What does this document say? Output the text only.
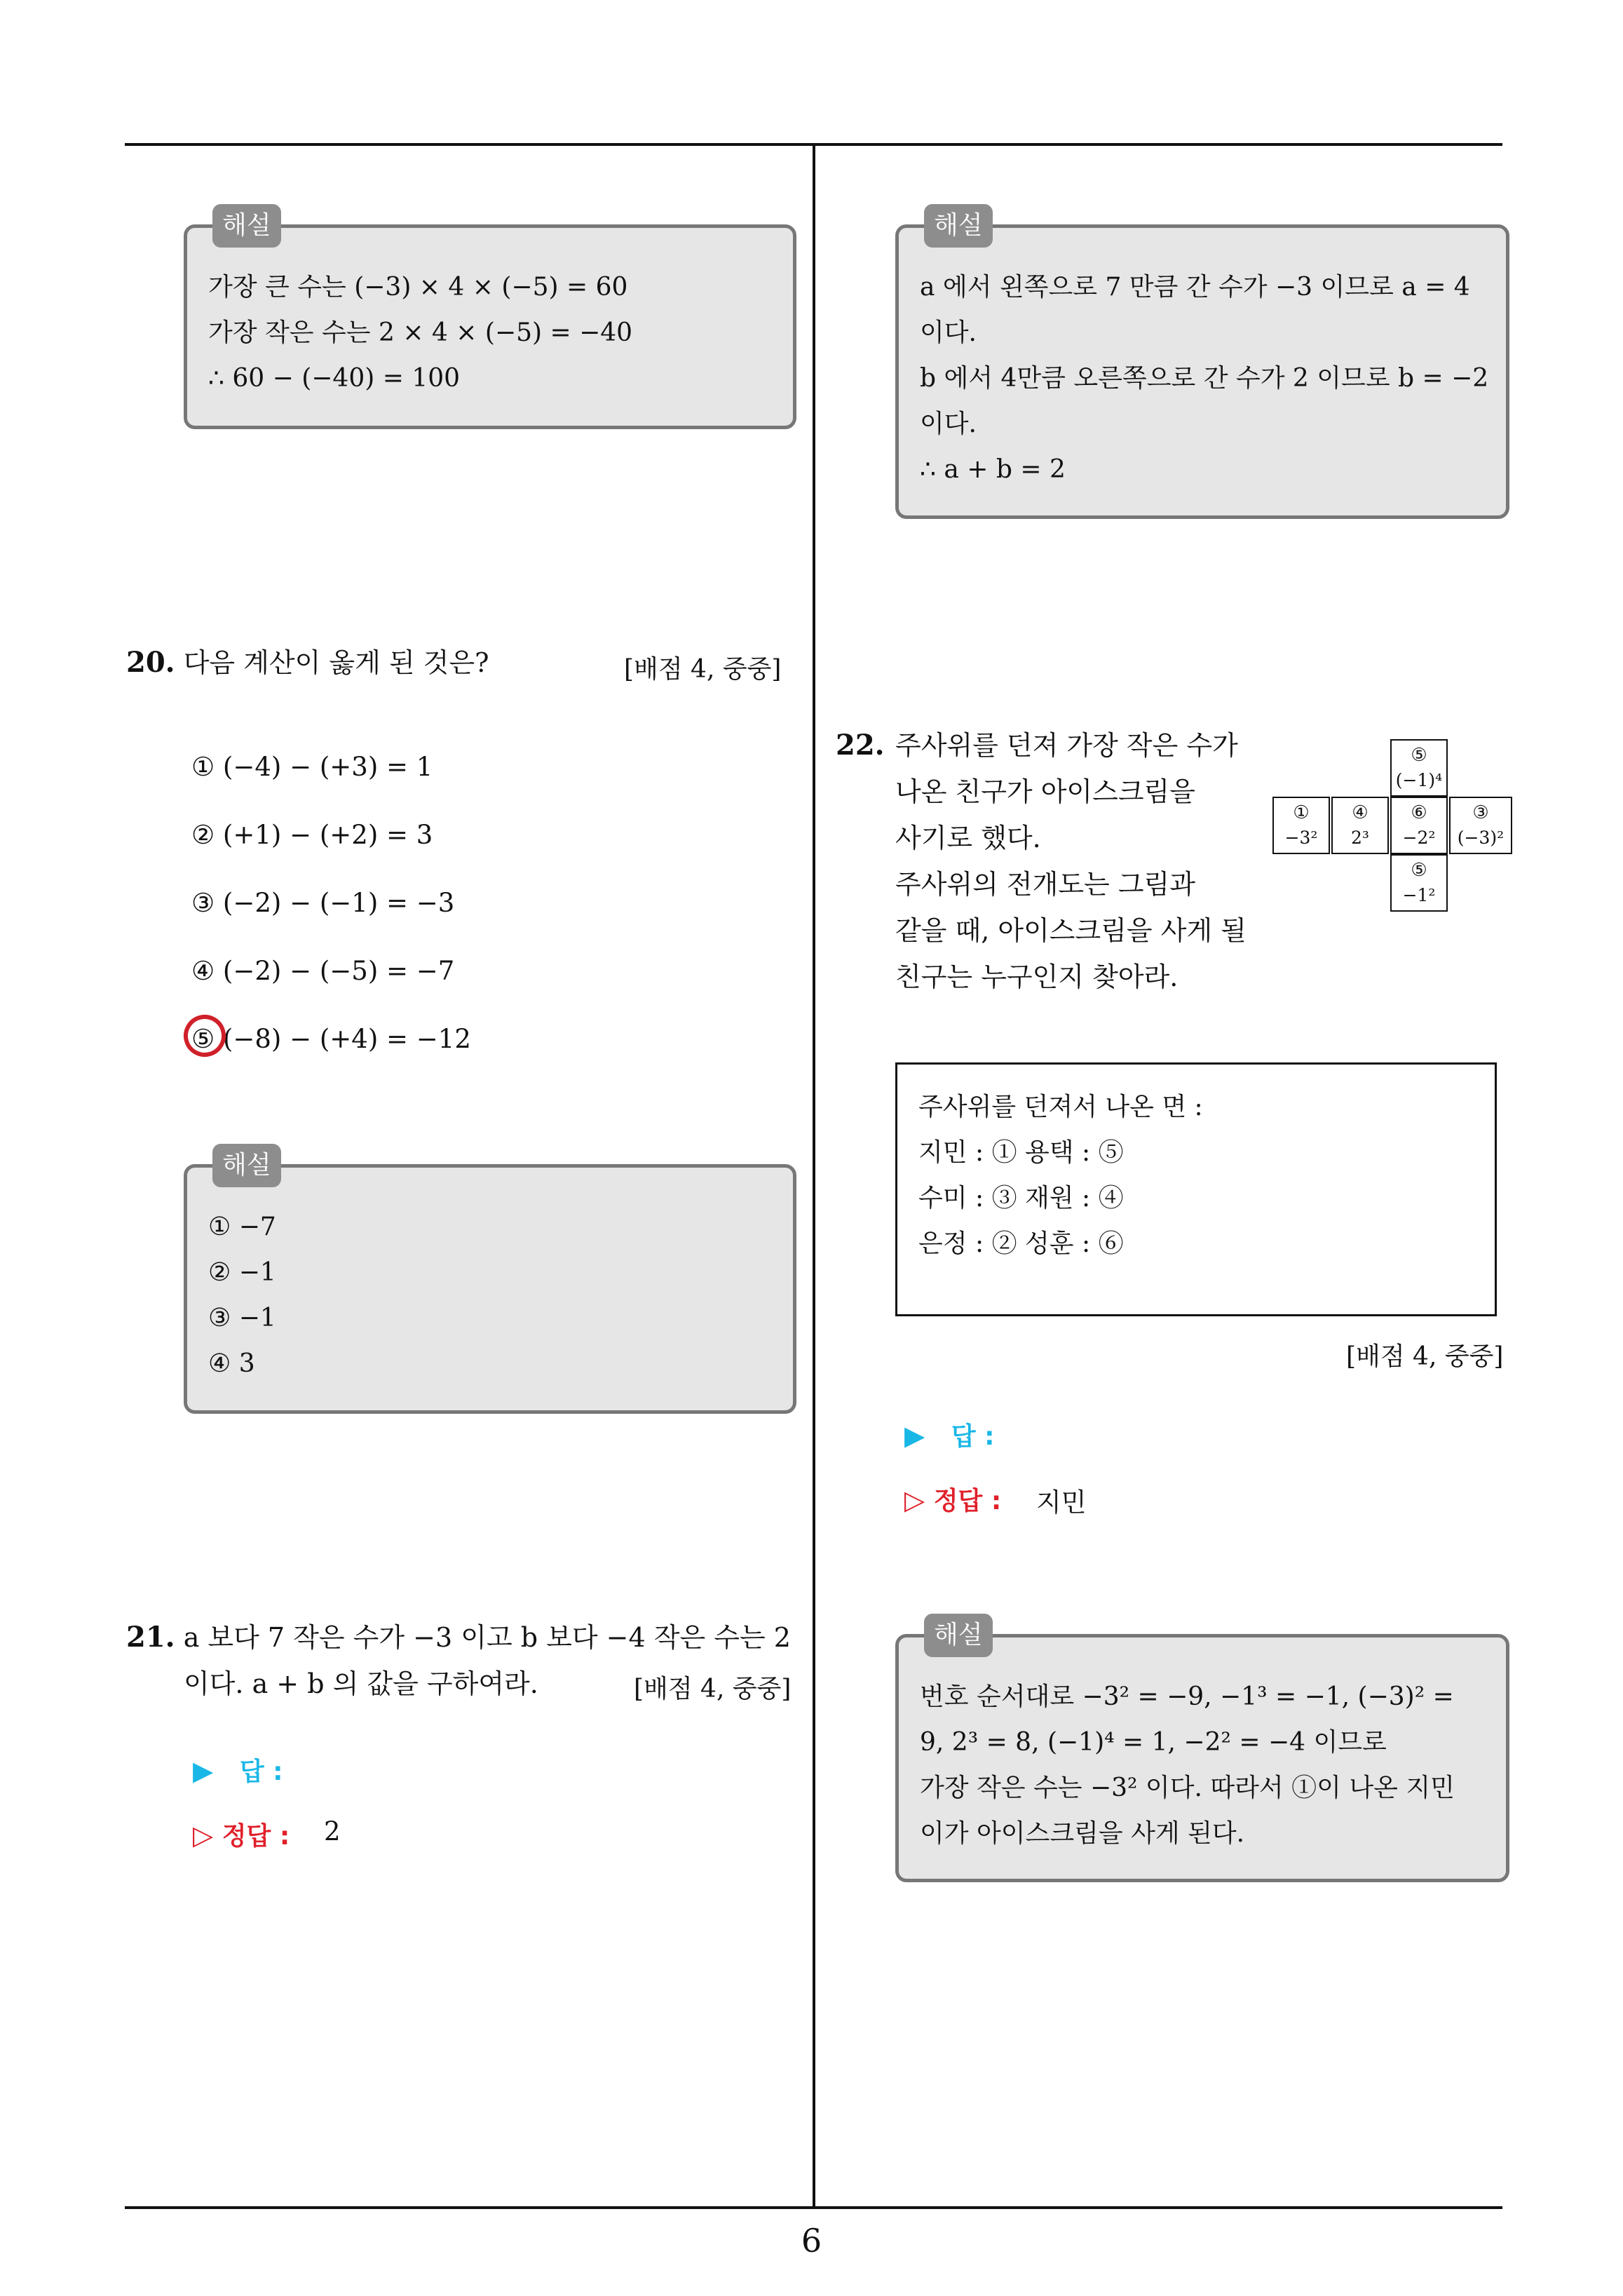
해설
가장 큰 수는 (−3) × 4 × (−5) = 60
가장 작은 수는 2 × 4 × (−5) = −40
∴ 60 − (−40) = 100
20. 다음 계산이 옳게 된 것은?	[배점 4, 중중]
① (−4) − (+3) = 1
② (+1) − (+2) = 3
③ (−2) − (−1) = −3
④ (−2) − (−5) = −7
⑤ (−8) − (+4) = −12
해설
① −7
② −1
③ −1
④ 3
21. a 보다 7 작은 수가 −3 이고 b 보다 −4 작은 수는 2
이다. a + b 의 값을 구하여라.	[배점 4, 중중]
▶ 답 :
▷ 정답 : 2
해설
a 에서 왼쪽으로 7 만큼 간 수가 −3 이므로 a = 4
이다.
b 에서 4만큼 오른쪽으로 간 수가 2 이므로 b = −2
이다.
∴ a + b = 2
22. 주사위를 던져 가장 작은 수가
나온 친구가 아이스크림을
사기로 했다.
주사위의 전개도는 그림과
같을 때, 아이스크림을 사게 될
친구는 누구인지 찾아라.
⑤
(−1)⁴
①
−3²
④
2³
⑥
−2²
③
(−3)²
⑤
−1²
주사위를 던져서 나온 면 :
지민 : ① 용택 : ⑤
수미 : ③ 재원 : ④
은정 : ② 성훈 : ⑥
[배점 4, 중중]
▶ 답 :
▷ 정답 : 지민
해설
번호 순서대로 −3² = −9, −1³ = −1, (−3)² =
9, 2³ = 8, (−1)⁴ = 1, −2² = −4 이므로
가장 작은 수는 −3² 이다. 따라서 ①이 나온 지민
이가 아이스크림을 사게 된다.
6
